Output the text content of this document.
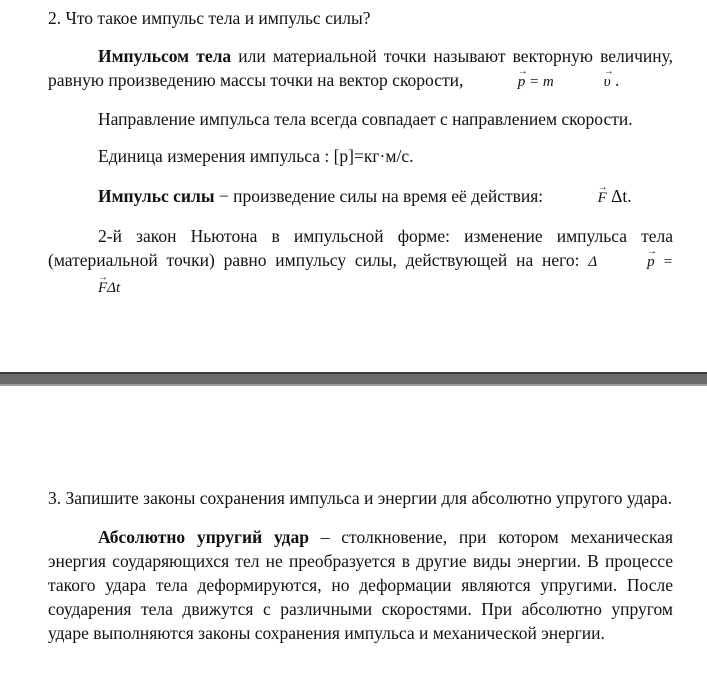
2. Что такое импульс тела и импульс силы?

Импульсом тела или материальной точки называют векторную величину, равную произведению массы точки на вектор скорости,	→ p = m	→ υ .

Направление импульса тела всегда совпадает с направлением скорости.

Единица измерения импульса : [p]=кг·м/с.

Импульс силы − произведение силы на время её действия:	→ F Δt.

2-й закон Ньютона в импульсной форме: изменение импульса тела (материальной точки) равно импульсу силы, действующей на него: Δ	→ p = → FΔt

3. Запишите законы сохранения импульса и энергии для абсолютно упругого удара.

Абсолютно упругий удар – столкновение, при котором механическая энергия соударяющихся тел не преобразуется в другие виды энергии. В процессе такого удара тела деформируются, но деформации являются упругими. После соударения тела движутся с различными скоростями. При абсолютно упругом ударе выполняются законы сохранения импульса и механической энергии.
